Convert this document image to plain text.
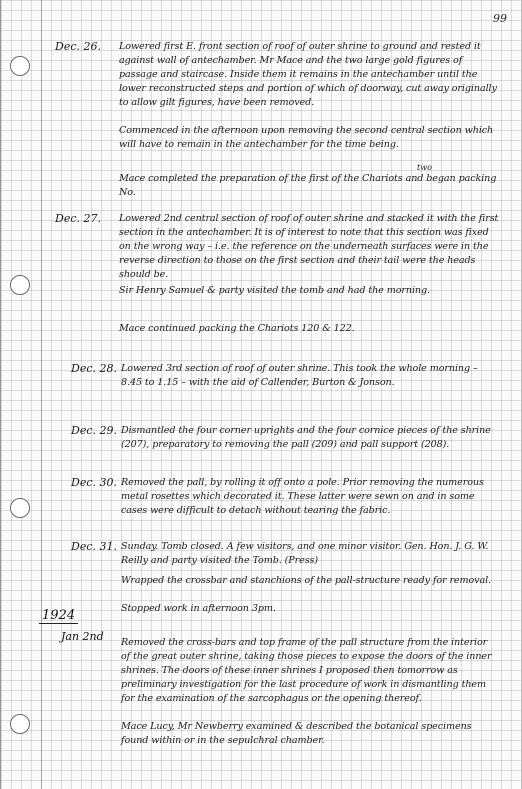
99
Dec. 26. Lowered first E. front section of roof of outer shrine to ground and rested it against wall of antechamber. Mr Mace and the two large gold figures of passage and staircase. Inside them it remains in the antechamber until the lower reconstructed steps and portion of which of doorway, cut away originally to allow gilt figures, have been removed.

Commenced in the afternoon upon removing the second central section which will have to remain in the antechamber for the time being.

two

Mace completed the preparation of the first of the Chariots and began packing No.

Dec. 27. Lowered 2nd central section of roof of outer shrine and stacked it with the first section in the antechamber. It is of interest to note that this section was fixed on the wrong way – i.e. the reference on the underneath surfaces were in the reverse direction to those on the first section and their tail were the heads should be.

Sir Henry Samuel & party visited the tomb and had the morning.

Mace continued packing the Chariots 120 & 122.

Dec. 28. Lowered 3rd section of roof of outer shrine. This took the whole morning – 8.45 to 1.15 – with the aid of Callender, Burton & Jonson.

Dec. 29. Dismantled the four corner uprights and the four cornice pieces of the shrine (207), preparatory to removing the pall (209) and pall support (208).

Dec. 30. Removed the pall, by rolling it off onto a pole. Prior removing the numerous metal rosettes which decorated it. These latter were sewn on and in some cases were difficult to detach without tearing the fabric.

Dec. 31. Sunday. Tomb closed. A few visitors, and one minor visitor. Gen. Hon. J. G. W. Reilly and party visited the Tomb. (Press)

Wrapped the crossbar and stanchions of the pall-structure ready for removal.

Stopped work in afternoon 3pm.

1924
Jan 2nd Removed the cross-bars and top frame of the pall structure from the interior of the great outer shrine, taking those pieces to expose the doors of the inner shrines. The doors of these inner shrines I proposed then tomorrow as preliminary investigation for the last procedure of work in dismantling them for the examination of the sarcophagus or the opening thereof.

Mace Lucy, Mr Newberry examined & described the botanical specimens found within or in the sepulchral chamber.
